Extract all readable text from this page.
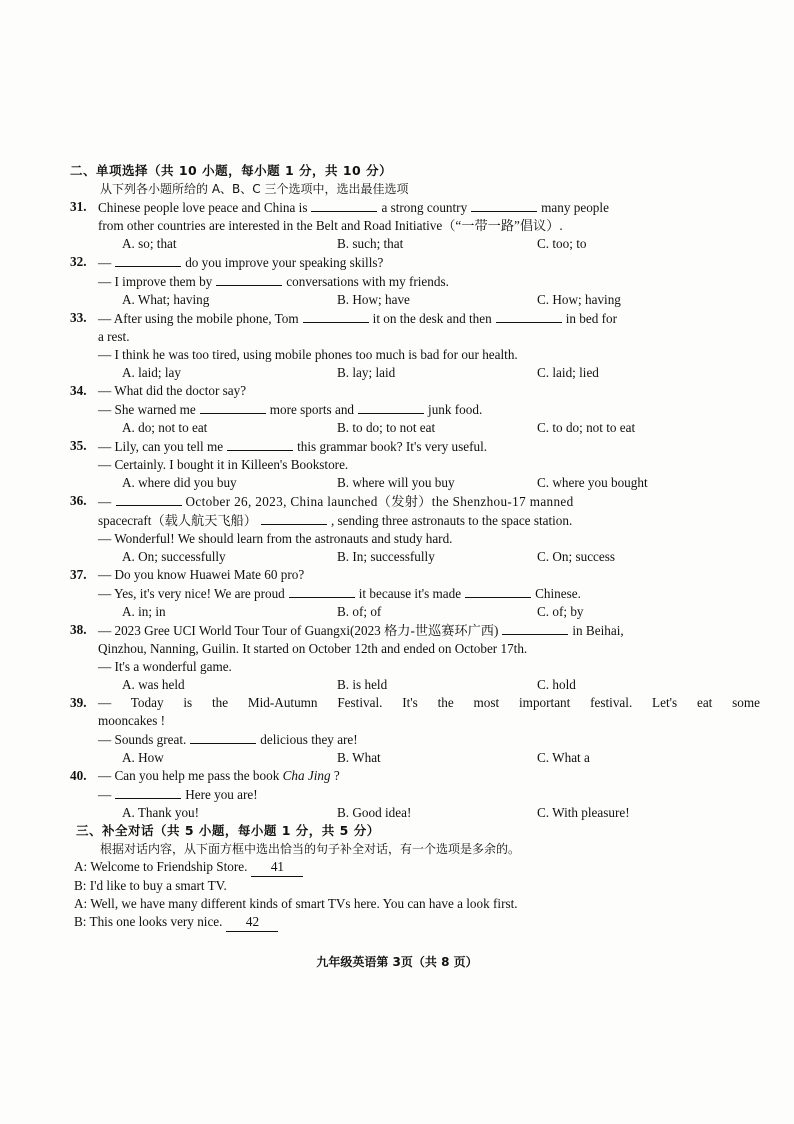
二、单项选择（共 10 小题，每小题 1 分，共 10 分）
从下列各小题所给的 A、B、C 三个选项中，选出最佳选项
31. Chinese people love peace and China is	a strong country	many people
from other countries are interested in the Belt and Road Initiative（“一带一路”倡议）.
A. so; that	B. such; that	C. too; to
32. —	do you improve your speaking skills?
— I improve them by	conversations with my friends.
A. What; having	B. How; have	C. How; having
33. — After using the mobile phone, Tom	it on the desk and then	in bed for
a rest.
— I think he was too tired, using mobile phones too much is bad for our health.
A. laid; lay	B. lay; laid	C. laid; lied
34. — What did the doctor say?
— She warned me	more sports and	junk food.
A. do; not to eat	B. to do; to not eat	C. to do; not to eat
35. — Lily, can you tell me	this grammar book? It's very useful.
— Certainly. I bought it in Killeen's Bookstore.
A. where did you buy	B. where will you buy	C. where you bought
36. —	October 26, 2023, China launched（发射）the Shenzhou-17 manned
spacecraft（载人航天飞船）	, sending three astronauts to the space station.
— Wonderful! We should learn from the astronauts and study hard.
A. On; successfully	B. In; successfully	C. On; success
37. — Do you know Huawei Mate 60 pro?
— Yes, it's very nice! We are proud	it because it's made	Chinese.
A. in; in	B. of; of	C. of; by
38. — 2023 Gree UCI World Tour Tour of Guangxi(2023 格力-世巡赛环广西)	in Beihai,
Qinzhou, Nanning, Guilin. It started on October 12th and ended on October 17th.
— It's a wonderful game.
A. was held	B. is held	C. hold
39. — Today is the Mid-Autumn Festival. It's the most important festival. Let's eat some
mooncakes !
— Sounds great.	delicious they are!
A. How	B. What	C. What a
40. — Can you help me pass the book Cha Jing ?
—	Here you are!
A. Thank you!	B. Good idea!	C. With pleasure!
三、补全对话（共 5 小题，每小题 1 分，共 5 分）
根据对话内容，从下面方框中选出恰当的句子补全对话，有一个选项是多余的。
A: Welcome to Friendship Store. 41
B: I'd like to buy a smart TV.
A: Well, we have many different kinds of smart TVs here. You can have a look first.
B: This one looks very nice. 42
九年级英语第 3页（共 8 页）
